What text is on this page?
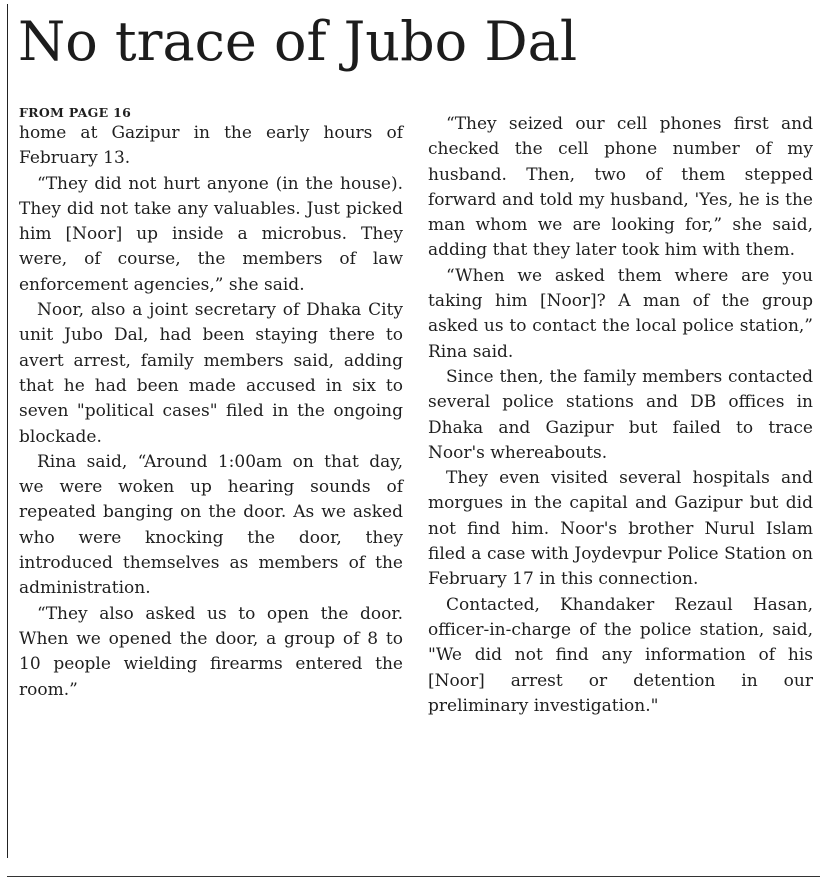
No trace of Jubo Dal
FROM PAGE 16

home at Gazipur in the early hours of February 13.

“They did not hurt anyone (in the house). They did not take any valuables. Just picked him [Noor] up inside a microbus. They were, of course, the members of law enforcement agencies,” she said.

Noor, also a joint secretary of Dhaka City unit Jubo Dal, had been staying there to avert arrest, family members said, adding that he had been made accused in six to seven "political cases" filed in the ongoing blockade.

Rina said, “Around 1:00am on that day, we were woken up hearing sounds of repeated banging on the door. As we asked who were knocking the door, they introduced themselves as members of the administration.

“They also asked us to open the door. When we opened the door, a group of 8 to 10 people wielding firearms entered the room.”

“They seized our cell phones first and checked the cell phone number of my husband. Then, two of them stepped forward and told my husband, 'Yes, he is the man whom we are looking for,” she said, adding that they later took him with them.

“When we asked them where are you taking him [Noor]? A man of the group asked us to contact the local police station,” Rina said.

Since then, the family members contacted several police stations and DB offices in Dhaka and Gazipur but failed to trace Noor's whereabouts.

They even visited several hospitals and morgues in the capital and Gazipur but did not find him. Noor's brother Nurul Islam filed a case with Joydevpur Police Station on February 17 in this connection.

Contacted, Khandaker Rezaul Hasan, officer-in-charge of the police station, said, "We did not find any information of his [Noor] arrest or detention in our preliminary investigation."
